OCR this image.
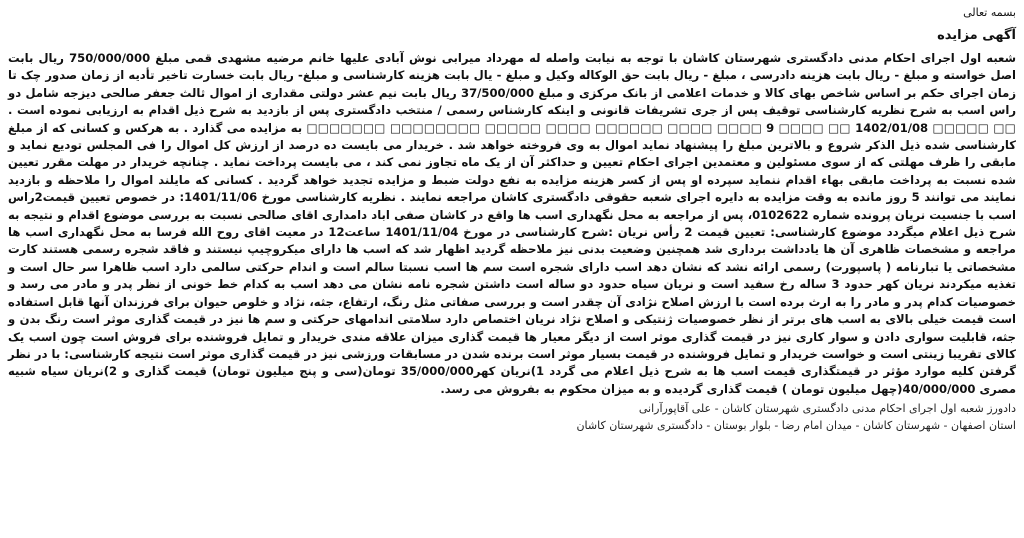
بسمه تعالی
آگهی مزایده

شعبه اول اجرای احکام مدنی دادگستری شهرستان کاشان با توجه به نیابت واصله له مهرداد میرابی نوش آبادی علیها خانم مرضیه مشهدی قمی مبلغ 750/000/000 ریال بابت اصل خواسته و مبلغ - ریال بابت هزینه دادرسی ، مبلغ - ریال بابت حق الوکاله وکیل و مبلغ - یال بابت هزینه کارشناسی و مبلغ- ریال بابت خسارت تاخیر تأدیه از زمان صدور چک تا زمان اجرای حکم بر اساس شاخص بهای کالا و خدمات اعلامی از بانک مرکزی و مبلغ 37/500/000 ریال بابت نیم عشر دولتی مقداری از اموال ثالث جعفر صالحی دیزجه شامل دو راس اسب به شرح نظریه کارشناسی توقیف پس از جری تشریفات قانونی و اینکه کارشناس رسمی / منتخب دادگستری پس از بازدید به شرح ذیل اقدام به ارزیابی نموده است . □□ □□□□□ 1402/01/08 □□ □□□□ 9 □□□□ □□□□ □□□□□□ □□□□ □□□□□ □□□□□□□□ □□□□□□□ به مزایده می گذارد . به هرکس و کسانی که از مبلغ کارشناسی شده ذیل الذکر شروع و بالاترین مبلغ را پیشنهاد نماید اموال به وی فروخته خواهد شد . خریدار می بایست ده درصد از ارزش کل اموال را فی المجلس تودیع نماید و مابقی را ظرف مهلتی که از سوی مسئولین و معتمدین اجرای احکام تعیین و حداکثر آن از یک ماه تجاوز نمی کند ، می بایست پرداخت نماید . چنانچه خریدار در مهلت مقرر تعیین شده نسبت به پرداخت مابقی بهاء اقدام ننماید سپرده او پس از کسر هزینه مزایده به نفع دولت ضبط و مزایده تجدید خواهد گردید . کسانی که مایلند اموال را ملاحظه و بازدید نمایند می توانند 5 روز مانده به وقت مزایده به دایره اجرای شعبه حقوقی دادگستری کاشان مراجعه نمایند . نظریه کارشناسی مورخ 1401/11/06: در خصوص تعیین قیمت2راس اسب با جنسیت نریان پرونده شماره 0102622، پس از مراجعه به محل نگهداری اسب ها واقع در کاشان صفی اباد دامداری اقای صالحی نسبت به بررسی موضوع اقدام و نتیجه به شرح ذیل اعلام میگردد موضوع کارشناسی: تعیین قیمت 2 رأس نریان :شرح کارشناسی در مورخ 1401/11/04 ساعت12 در معیت اقای روح الله فرسا به محل نگهداری اسب ها مراجعه و مشخصات ظاهری آن ها یادداشت برداری شد همچنین وضعیت بدنی نیز ملاحظه گردید اظهار شد که اسب ها دارای میکروچیپ نیستند و فاقد شجره رسمی هستند کارت مشخصاتی یا تبارنامه ( پاسپورت) رسمی ارائه نشد که نشان دهد اسب دارای شجره است سم ها اسب نسبتا سالم است و اندام حرکتی سالمی دارد اسب ظاهرا سر حال است و تغذیه میکردند نریان کهر حدود 3 ساله رخ سفید است و نریان سیاه حدود دو ساله است داشتن شجره نامه نشان می دهد اسب به کدام خط خونی از نظر پدر و مادر می رسد و خصوصیات کدام پدر و مادر را به ارث برده است با ارزش اصلاح نژادی آن چقدر است و بررسی صفاتی مثل رنگ، ارتفاع، جثه، نژاد و خلوص حیوان برای فرزندان آنها قابل استفاده است قیمت خیلی بالای به اسب های برتر از نظر خصوصیات ژنتیکی و اصلاح نژاد نریان اختصاص دارد سلامتی اندامهای حرکتی و سم ها نیز در قیمت گذاری موثر است رنگ بدن و جثه، قابلیت سواری دادن و سوار کاری نیز در قیمت گذاری موثر است از دیگر معیار ها قیمت گذاری میزان علاقه مندی خریدار و تمایل فروشنده برای فروش است چون اسب یک کالای تقریبا زینتی است و خواست خریدار و تمایل فروشنده در قیمت بسیار موثر است برنده شدن در مسابقات ورزشی نیز در قیمت گذاری موثر است نتیجه کارشناسی: با در نظر گرفتن کلیه موارد مؤثر در قیمتگذاری قیمت اسب ها به شرح ذیل اعلام می گردد 1)نریان کهر35/000/000 تومان(سی و پنج میلیون تومان) قیمت گذاری و 2)نریان سیاه شبیه مصری 40/000/000(چهل میلیون تومان ) قیمت گذاری گردیده و به میزان محکوم به بفروش می رسد.

دادورز شعبه اول اجرای احکام مدنی دادگستری شهرستان کاشان - علی آقاپورآرانی
استان اصفهان - شهرستان کاشان - میدان امام رضا - بلوار بوستان - دادگستری شهرستان کاشان
